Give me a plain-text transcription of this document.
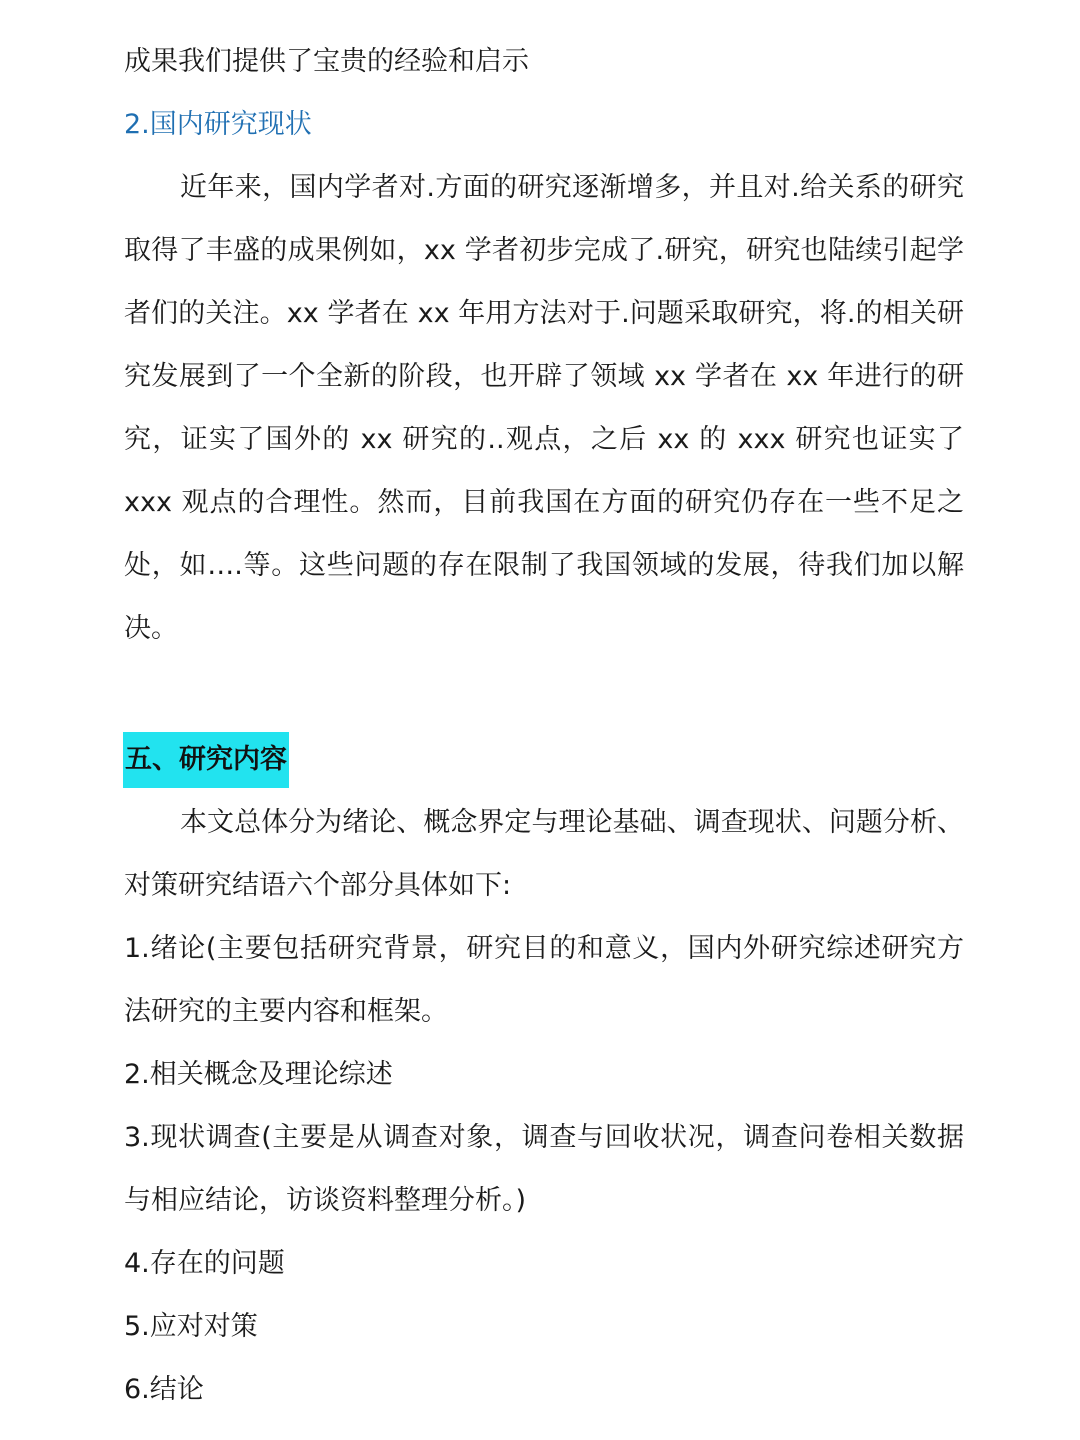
成果我们提供了宝贵的经验和启示
2.国内研究现状

近年来，国内学者对.方面的研究逐渐增多，并且对.给关系的研究取得了丰盛的成果例如，xx 学者初步完成了.研究，研究也陆续引起学者们的关注。xx 学者在 xx 年用方法对于.问题采取研究，将.的相关研究发展到了一个全新的阶段，也开辟了领域 xx 学者在 xx 年进行的研究，证实了国外的 xx 研究的..观点，之后 xx 的 xxx 研究也证实了 xxx 观点的合理性。然而，目前我国在方面的研究仍存在一些不足之处，如….等。这些问题的存在限制了我国领域的发展，待我们加以解决。

五、研究内容

本文总体分为绪论、概念界定与理论基础、调查现状、问题分析、对策研究结语六个部分具体如下:

1.绪论(主要包括研究背景，研究目的和意义，国内外研究综述研究方法研究的主要内容和框架。

2.相关概念及理论综述

3.现状调查(主要是从调查对象，调查与回收状况，调查问卷相关数据与相应结论，访谈资料整理分析。)

4.存在的问题

5.应对对策

6.结论
